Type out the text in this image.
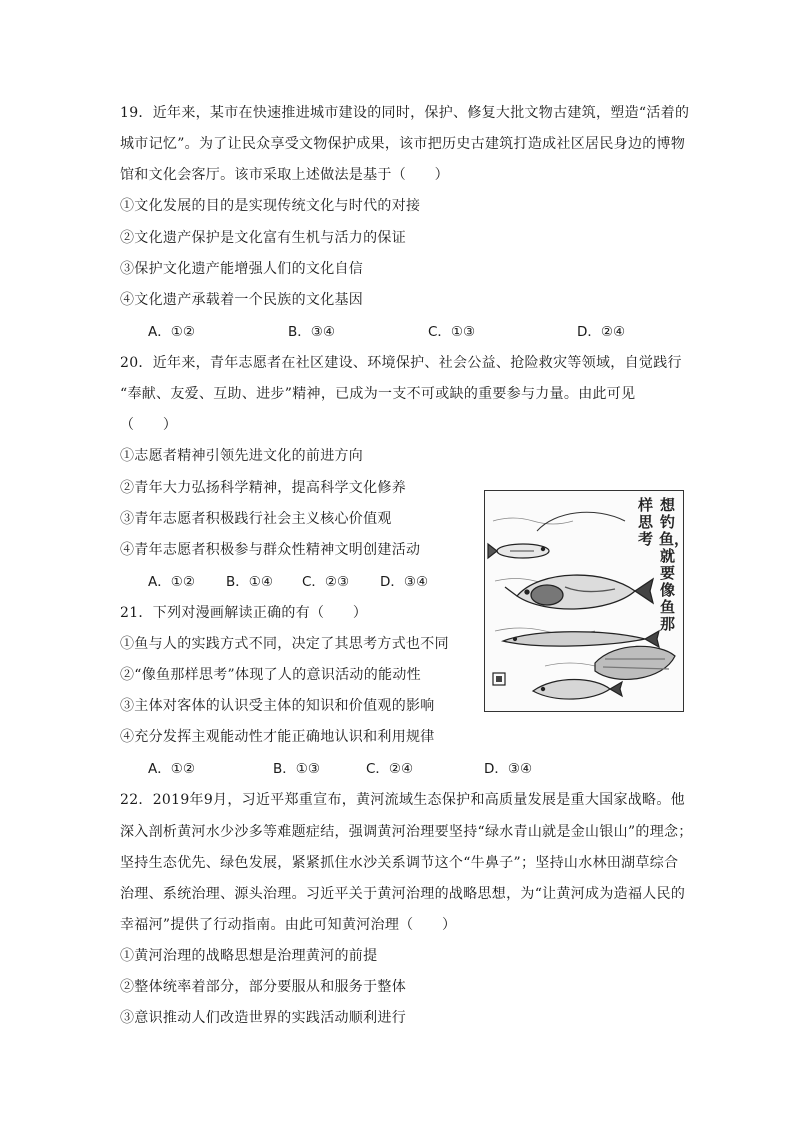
19．近年来，某市在快速推进城市建设的同时，保护、修复大批文物古建筑，塑造“活着的
城市记忆”。为了让民众享受文物保护成果，该市把历史古建筑打造成社区居民身边的博物
馆和文化会客厅。该市采取上述做法是基于（　　）
①文化发展的目的是实现传统文化与时代的对接
②文化遗产保护是文化富有生机与活力的保证
③保护文化遗产能增强人们的文化自信
④文化遗产承载着一个民族的文化基因
A．①②	B．③④	C．①③	D．②④
20．近年来，青年志愿者在社区建设、环境保护、社会公益、抢险救灾等领域，自觉践行
“奉献、友爱、互助、进步”精神，已成为一支不可或缺的重要参与力量。由此可见
（　　）
①志愿者精神引领先进文化的前进方向
②青年大力弘扬科学精神，提高科学文化修养
③青年志愿者积极践行社会主义核心价值观
④青年志愿者积极参与群众性精神文明创建活动
A．①② B．①④ C．②③ D．③④
21．下列对漫画解读正确的有（　　）
①鱼与人的实践方式不同，决定了其思考方式也不同
②“像鱼那样思考”体现了人的意识活动的能动性
③主体对客体的认识受主体的知识和价值观的影响
④充分发挥主观能动性才能正确地认识和利用规律
A．①②	B．①③	C．②④	D．③④
想钓鱼，就要像鱼那
样思考
22．2019年9月，习近平郑重宣布，黄河流域生态保护和高质量发展是重大国家战略。他
深入剖析黄河水少沙多等难题症结，强调黄河治理要坚持“绿水青山就是金山银山”的理念；
坚持生态优先、绿色发展，紧紧抓住水沙关系调节这个“牛鼻子”；坚持山水林田湖草综合
治理、系统治理、源头治理。习近平关于黄河治理的战略思想，为“让黄河成为造福人民的
幸福河”提供了行动指南。由此可知黄河治理（　　）
①黄河治理的战略思想是治理黄河的前提
②整体统率着部分，部分要服从和服务于整体
③意识推动人们改造世界的实践活动顺利进行
